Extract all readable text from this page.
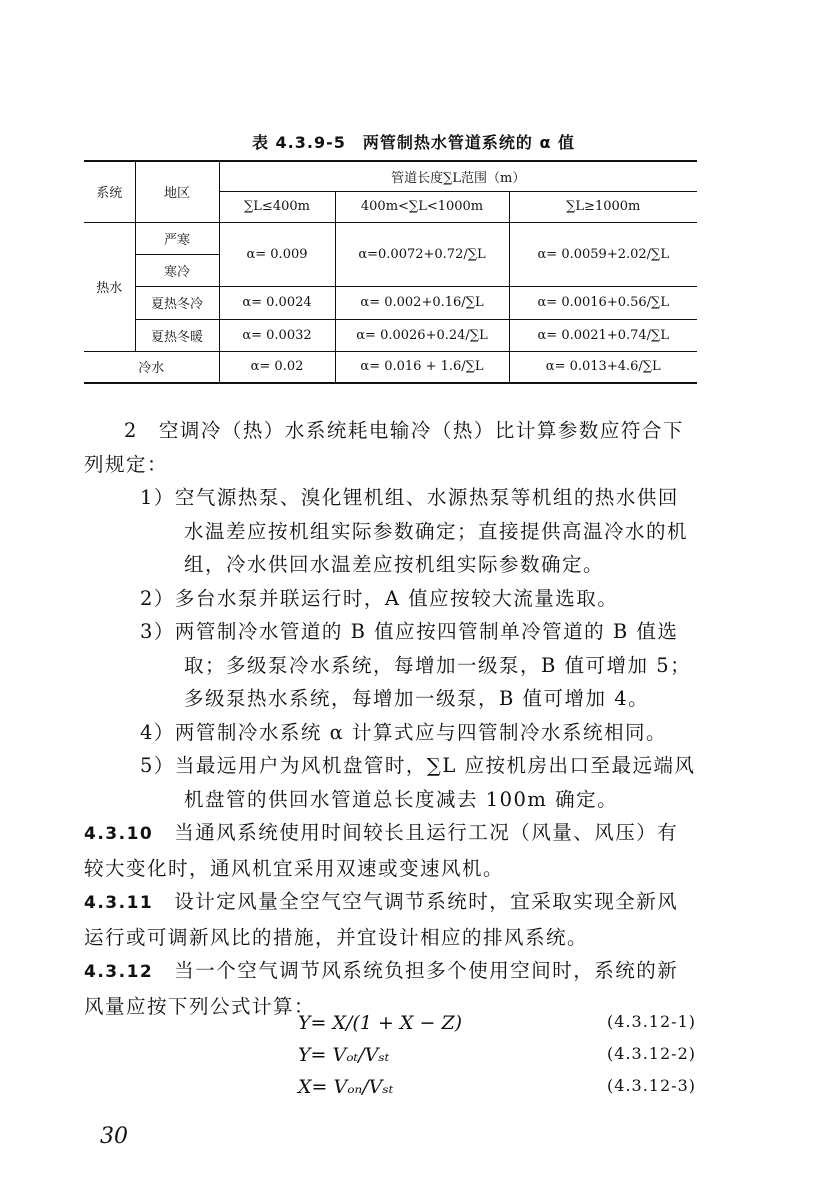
表 4.3.9-5　两管制热水管道系统的 α 值
系统	地区	管道长度∑L范围（m）		
		∑L≤400m	400m<∑L<1000m	∑L≥1000m
热水	严寒	α= 0.009	α=0.0072+0.72/∑L	α= 0.0059+2.02/∑L
	寒冷			
	夏热冬冷	α= 0.0024	α= 0.002+0.16/∑L	α= 0.0016+0.56/∑L
	夏热冬暖	α= 0.0032	α= 0.0026+0.24/∑L	α= 0.0021+0.74/∑L
冷水		α= 0.02	α= 0.016 + 1.6/∑L	α= 0.013+4.6/∑L
2　空调冷（热）水系统耗电输冷（热）比计算参数应符合下列规定：
1）空气源热泵、溴化锂机组、水源热泵等机组的热水供回水温差应按机组实际参数确定；直接提供高温冷水的机组，冷水供回水温差应按机组实际参数确定。
2）多台水泵并联运行时，A 值应按较大流量选取。
3）两管制冷水管道的 B 值应按四管制单冷管道的 B 值选取；多级泵冷水系统，每增加一级泵，B 值可增加 5；多级泵热水系统，每增加一级泵，B 值可增加 4。
4）两管制冷水系统 α 计算式应与四管制冷水系统相同。
5）当最远用户为风机盘管时，∑L 应按机房出口至最远端风机盘管的供回水管道总长度减去 100m 确定。
4.3.10  当通风系统使用时间较长且运行工况（风量、风压）有较大变化时，通风机宜采用双速或变速风机。
4.3.11  设计定风量全空气空气调节系统时，宜采取实现全新风运行或可调新风比的措施，并宜设计相应的排风系统。
4.3.12  当一个空气调节风系统负担多个使用空间时，系统的新风量应按下列公式计算：
Y= X/(1 + X − Z)	(4.3.12-1)
Y= Vₒₜ/Vₛₜ	(4.3.12-2)
X= Vₒₙ/Vₛₜ	(4.3.12-3)
30
